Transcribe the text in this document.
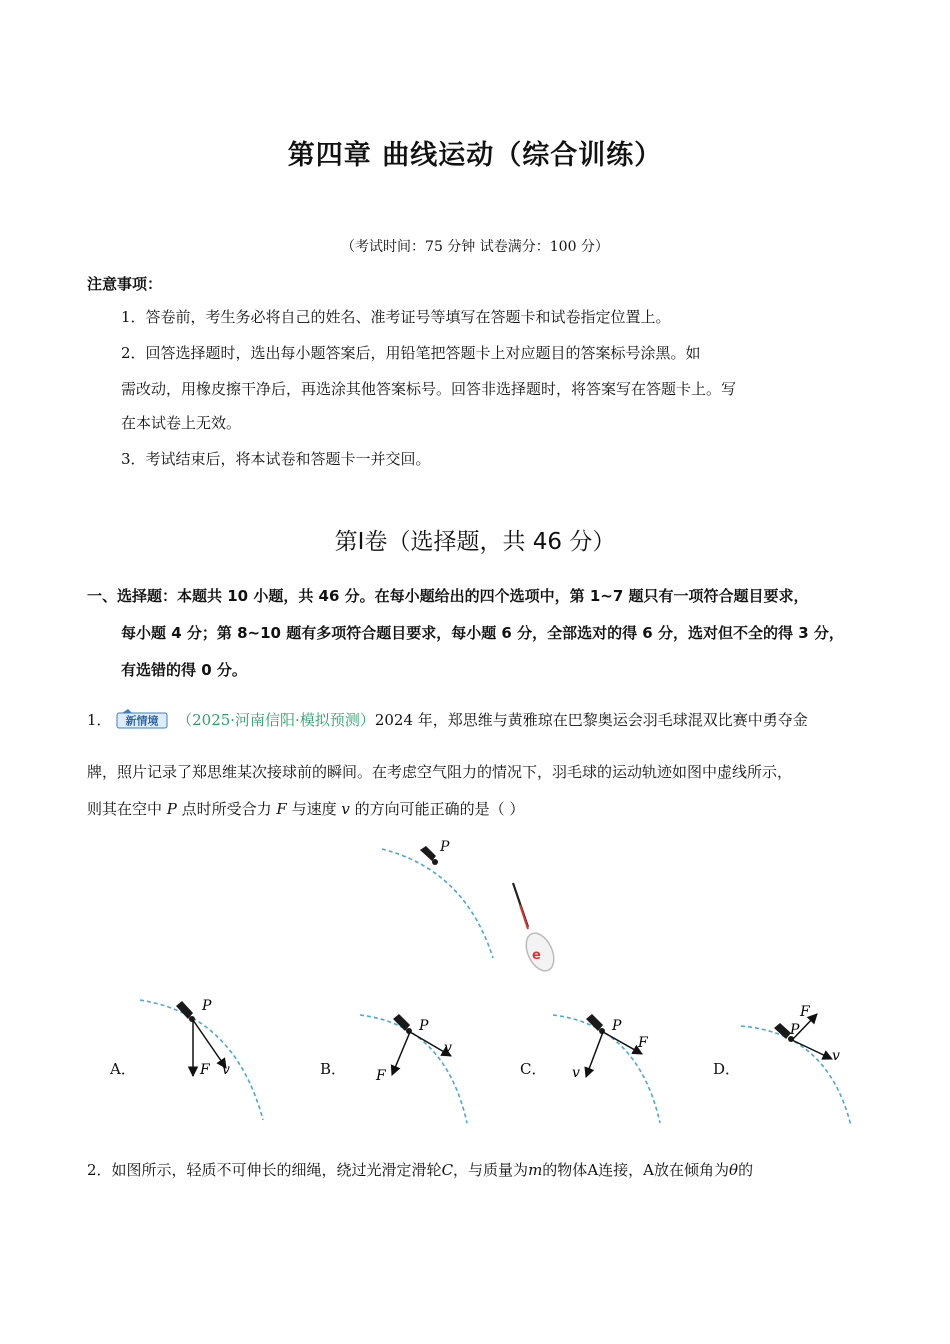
第四章 曲线运动（综合训练）
（考试时间：75 分钟 试卷满分：100 分）
注意事项：
1．答卷前，考生务必将自己的姓名、准考证号等填写在答题卡和试卷指定位置上。
2．回答选择题时，选出每小题答案后，用铅笔把答题卡上对应题目的答案标号涂黑。如
需改动，用橡皮擦干净后，再选涂其他答案标号。回答非选择题时，将答案写在答题卡上。写
在本试卷上无效。
3．考试结束后，将本试卷和答题卡一并交回。
第Ⅰ卷（选择题，共 46 分）
一、选择题：本题共 10 小题，共 46 分。在每小题给出的四个选项中，第 1~7 题只有一项符合题目要求，
每小题 4 分；第 8~10 题有多项符合题目要求，每小题 6 分，全部选对的得 6 分，选对但不全的得 3 分，
有选错的得 0 分。
1． 新情境 （2025·河南信阳·模拟预测）2024 年，郑思维与黄雅琼在巴黎奥运会羽毛球混双比赛中勇夺金
牌，照片记录了郑思维某次接球前的瞬间。在考虑空气阻力的情况下，羽毛球的运动轨迹如图中虚线所示，
则其在空中 P 点时所受合力 F 与速度 v 的方向可能正确的是（ ）
P
e
A．
P
F v	B．
P
F
v
C．
P
v
F
D．
P
F
v
2．如图所示，轻质不可伸长的细绳，绕过光滑定滑轮C，与质量为m的物体A连接，A放在倾角为θ的
